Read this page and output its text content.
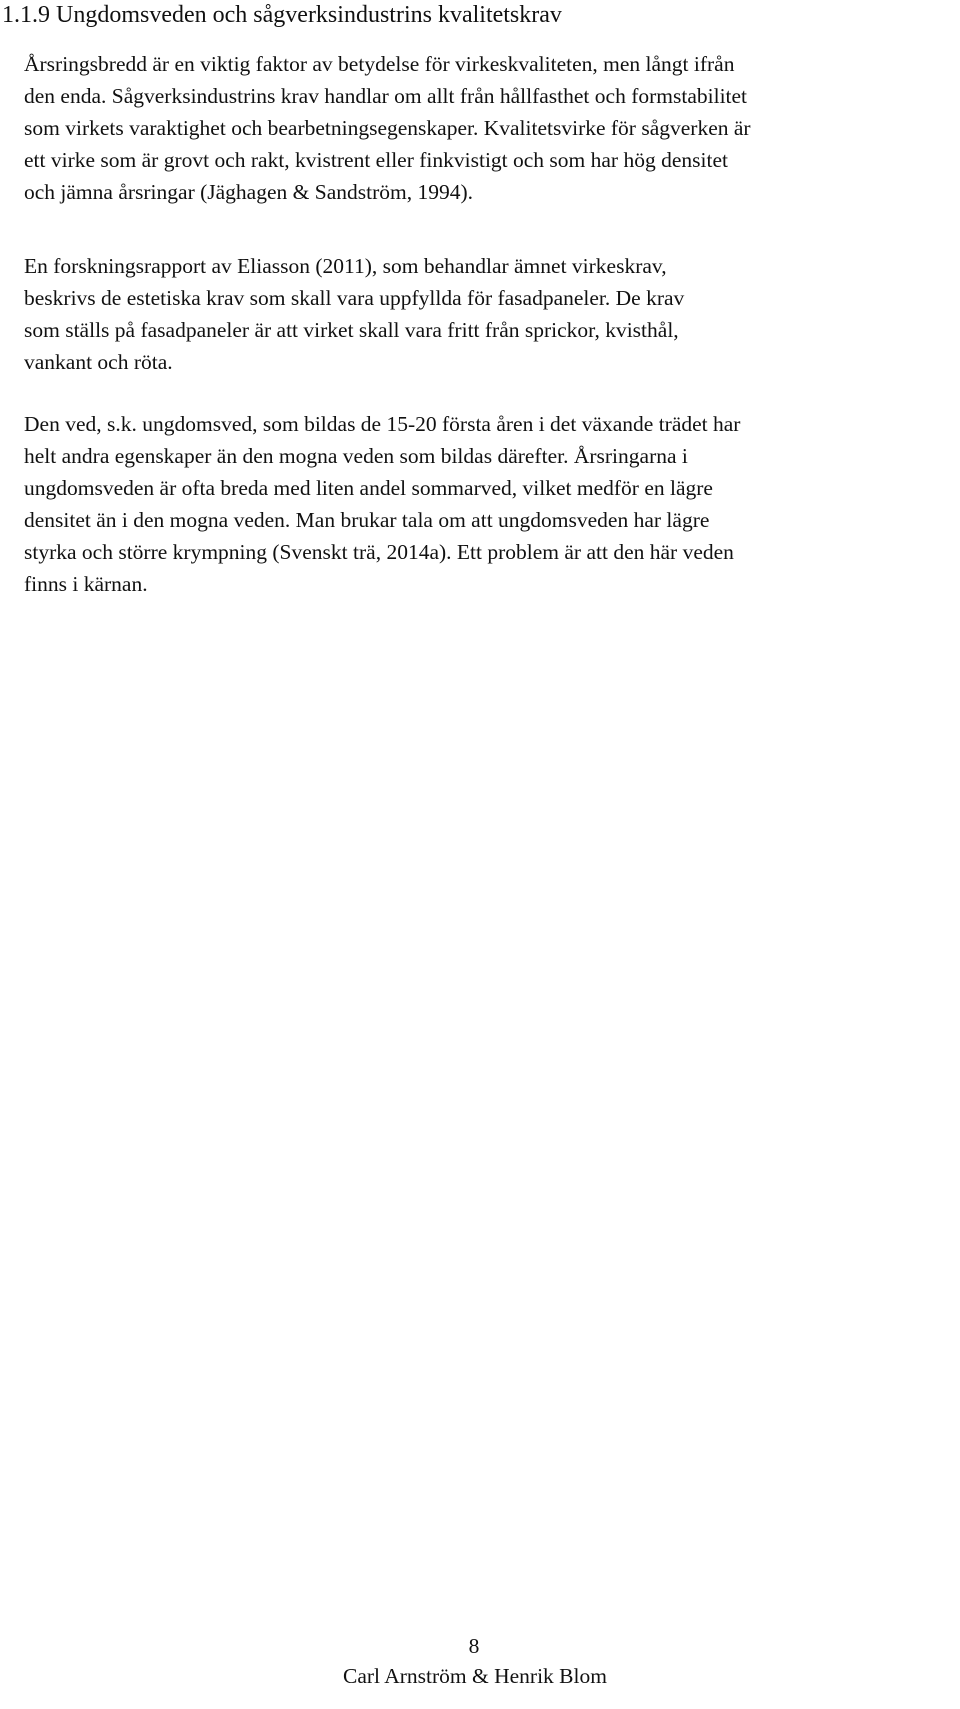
1.1.9 Ungdomsveden och sågverksindustrins kvalitetskrav
Årsringsbredd är en viktig faktor av betydelse för virkeskvaliteten, men långt ifrån
den enda. Sågverksindustrins krav handlar om allt från hållfasthet och formstabilitet
som virkets varaktighet och bearbetningsegenskaper. Kvalitetsvirke för sågverken är
ett virke som är grovt och rakt, kvistrent eller finkvistigt och som har hög densitet
och jämna årsringar (Jäghagen & Sandström, 1994).
En forskningsrapport av Eliasson (2011), som behandlar ämnet virkeskrav,
beskrivs de estetiska krav som skall vara uppfyllda för fasadpaneler. De krav
som ställs på fasadpaneler är att virket skall vara fritt från sprickor, kvisthål,
vankant och röta.
Den ved, s.k. ungdomsved, som bildas de 15-20 första åren i det växande trädet har
helt andra egenskaper än den mogna veden som bildas därefter. Årsringarna i
ungdomsveden är ofta breda med liten andel sommarved, vilket medför en lägre
densitet än i den mogna veden. Man brukar tala om att ungdomsveden har lägre
styrka och större krympning (Svenskt trä, 2014a). Ett problem är att den här veden
finns i kärnan.
8
Carl Arnström & Henrik Blom
